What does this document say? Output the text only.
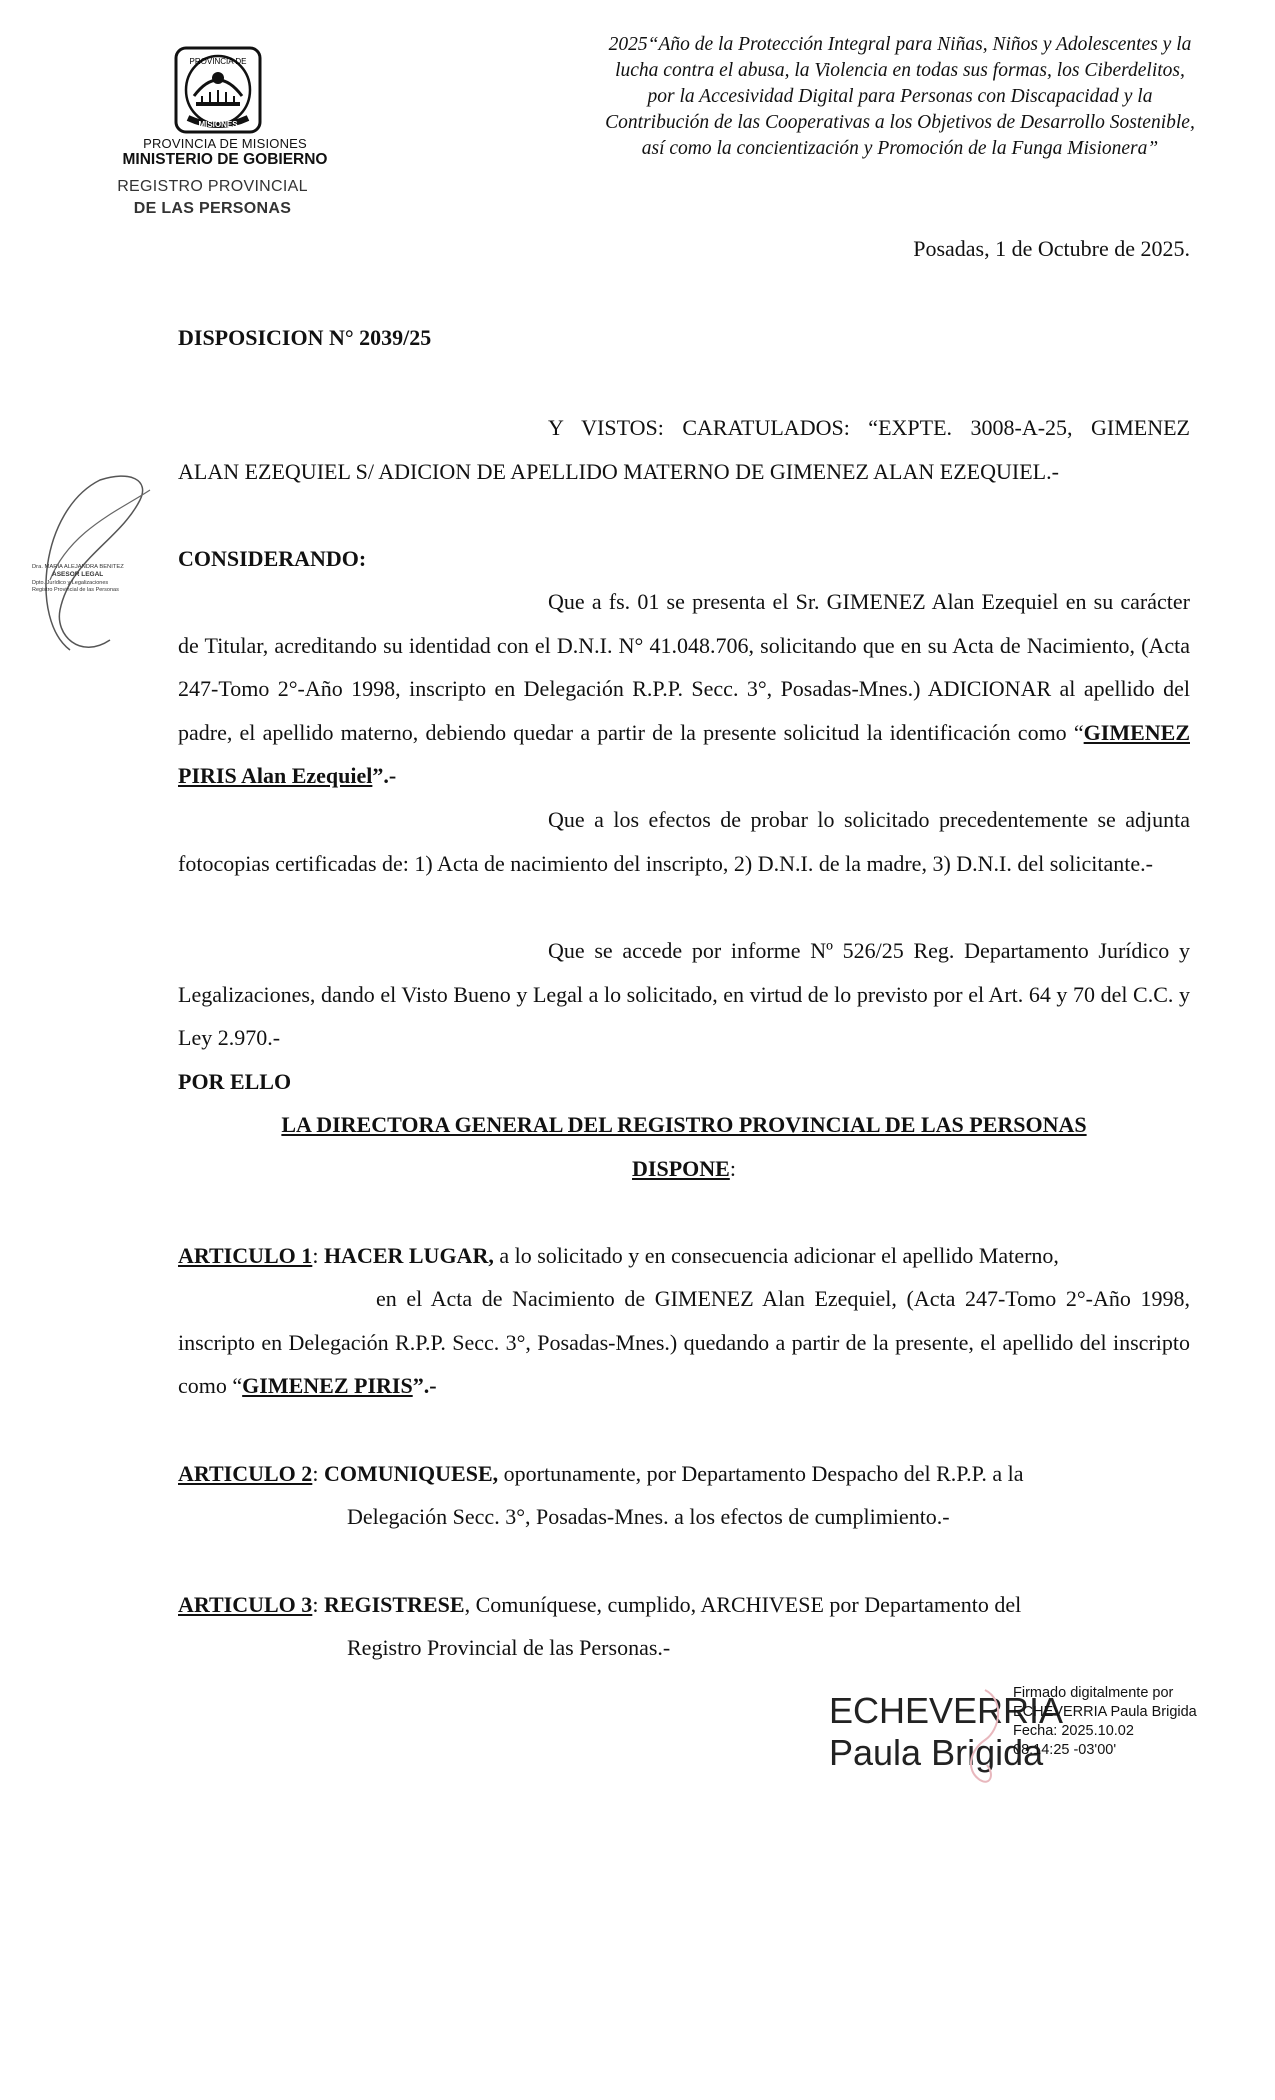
PROVINCIA DE
MISIONES
PROVINCIA DE MISIONES
MINISTERIO DE GOBIERNO
REGISTRO PROVINCIAL
DE LAS PERSONAS
2025“Año de la Protección Integral para Niñas, Niños y Adolescentes y la lucha contra el abusa, la Violencia en todas sus formas, los Ciberdelitos, por la Accesividad Digital para Personas con Discapacidad y la Contribución de las Cooperativas a los Objetivos de Desarrollo Sostenible, así como la concientización y Promoción de la Funga Misionera”
Posadas, 1 de Octubre de 2025.
DISPOSICION N° 2039/25
Dra. MARIA ALEJANDRA BENITEZ
ASESOR LEGAL
Dpto. Jurídico y Legalizaciones
Registro Provincial de las Personas
Y VISTOS: CARATULADOS: “EXPTE. 3008-A-25, GIMENEZ ALAN EZEQUIEL S/ ADICION DE APELLIDO MATERNO DE GIMENEZ ALAN EZEQUIEL.-
CONSIDERANDO:
Que a fs. 01 se presenta el Sr. GIMENEZ Alan Ezequiel en su carácter de Titular, acreditando su identidad con el D.N.I. N° 41.048.706, solicitando que en su Acta de Nacimiento, (Acta 247-Tomo 2°-Año 1998, inscripto en Delegación R.P.P. Secc. 3°, Posadas-Mnes.) ADICIONAR al apellido del padre, el apellido materno, debiendo quedar a partir de la presente solicitud la identificación como “GIMENEZ PIRIS Alan Ezequiel”.-
Que a los efectos de probar lo solicitado precedentemente se adjunta fotocopias certificadas de: 1) Acta de nacimiento del inscripto, 2) D.N.I. de la madre, 3) D.N.I. del solicitante.-
Que se accede por informe Nº 526/25 Reg. Departamento Jurídico y Legalizaciones, dando el Visto Bueno y Legal a lo solicitado, en virtud de lo previsto por el Art. 64 y 70 del C.C. y Ley 2.970.-
POR ELLO
LA DIRECTORA GENERAL DEL REGISTRO PROVINCIAL DE LAS PERSONAS
DISPONE:
ARTICULO 1: HACER LUGAR, a lo solicitado y en consecuencia adicionar el apellido Materno,
en el Acta de Nacimiento de GIMENEZ Alan Ezequiel, (Acta 247-Tomo 2°-Año 1998, inscripto en Delegación R.P.P. Secc. 3°, Posadas-Mnes.) quedando a partir de la presente, el apellido del inscripto como “GIMENEZ PIRIS”.-
ARTICULO 2: COMUNIQUESE, oportunamente, por Departamento Despacho del R.P.P. a la
Delegación Secc. 3°, Posadas-Mnes. a los efectos de cumplimiento.-
ARTICULO 3: REGISTRESE, Comuníquese, cumplido, ARCHIVESE por Departamento del
Registro Provincial de las Personas.-
ECHEVERRIA
Paula Brigida
Firmado digitalmente por
ECHEVERRIA Paula Brigida
Fecha: 2025.10.02
08:14:25 -03'00'
